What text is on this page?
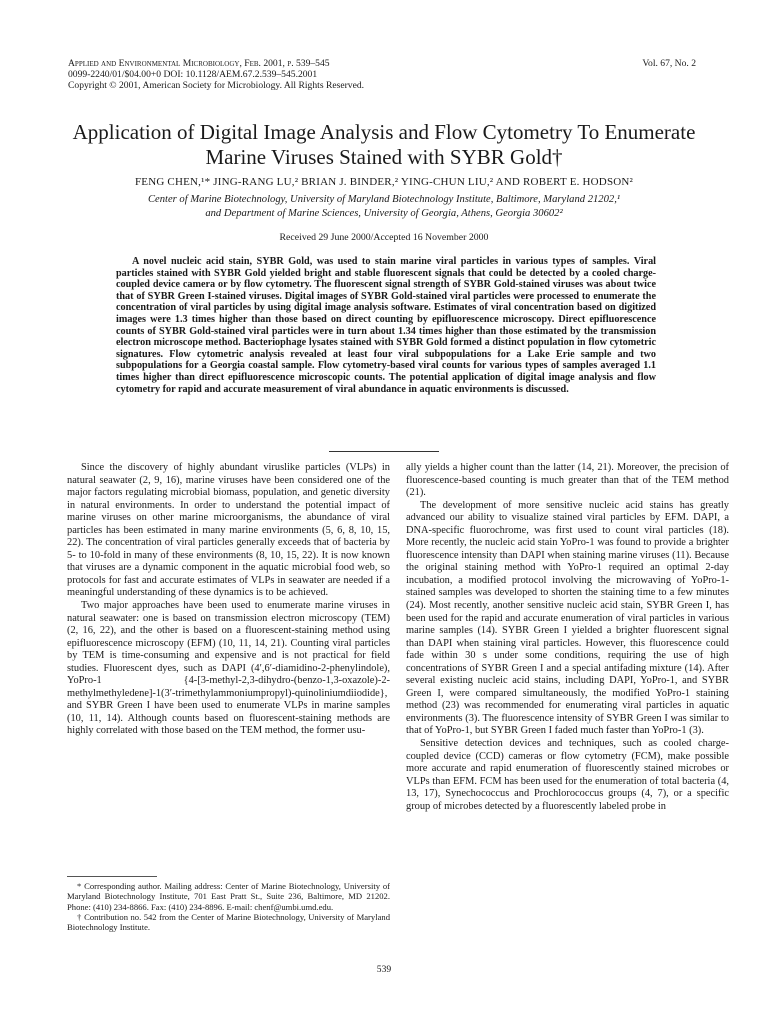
Applied and Environmental Microbiology, Feb. 2001, p. 539–545
0099-2240/01/$04.00+0 DOI: 10.1128/AEM.67.2.539–545.2001
Copyright © 2001, American Society for Microbiology. All Rights Reserved.
Vol. 67, No. 2
Application of Digital Image Analysis and Flow Cytometry To Enumerate Marine Viruses Stained with SYBR Gold†
FENG CHEN,¹* JING-RANG LU,² BRIAN J. BINDER,² YING-CHUN LIU,² AND ROBERT E. HODSON²
Center of Marine Biotechnology, University of Maryland Biotechnology Institute, Baltimore, Maryland 21202,¹
and Department of Marine Sciences, University of Georgia, Athens, Georgia 30602²
Received 29 June 2000/Accepted 16 November 2000

A novel nucleic acid stain, SYBR Gold, was used to stain marine viral particles in various types of samples. Viral particles stained with SYBR Gold yielded bright and stable fluorescent signals that could be detected by a cooled charge-coupled device camera or by flow cytometry. The fluorescent signal strength of SYBR Gold-stained viruses was about twice that of SYBR Green I-stained viruses. Digital images of SYBR Gold-stained viral particles were processed to enumerate the concentration of viral particles by using digital image analysis software. Estimates of viral concentration based on digitized images were 1.3 times higher than those based on direct counting by epifluorescence microscopy. Direct epifluorescence counts of SYBR Gold-stained viral particles were in turn about 1.34 times higher than those estimated by the transmission electron microscope method. Bacteriophage lysates stained with SYBR Gold formed a distinct population in flow cytometric signatures. Flow cytometric analysis revealed at least four viral subpopulations for a Lake Erie sample and two subpopulations for a Georgia coastal sample. Flow cytometry-based viral counts for various types of samples averaged 1.1 times higher than direct epifluorescence microscopic counts. The potential application of digital image analysis and flow cytometry for rapid and accurate measurement of viral abundance in aquatic environments is discussed.

Since the discovery of highly abundant viruslike particles (VLPs) in natural seawater (2, 9, 16), marine viruses have been considered one of the major factors regulating microbial biomass, population, and genetic diversity in natural environments. In order to understand the potential impact of marine viruses on other marine microorganisms, the abundance of viral particles has been estimated in many marine environments (5, 6, 8, 10, 15, 22). The concentration of viral particles generally exceeds that of bacteria by 5- to 10-fold in many of these environments (8, 10, 15, 22). It is now known that viruses are a dynamic component in the aquatic microbial food web, so protocols for fast and accurate estimates of VLPs in seawater are needed if a meaningful understanding of these dynamics is to be achieved.

Two major approaches have been used to enumerate marine viruses in natural seawater: one is based on transmission electron microscopy (TEM) (2, 16, 22), and the other is based on a fluorescent-staining method using epifluorescence microscopy (EFM) (10, 11, 14, 21). Counting viral particles by TEM is time-consuming and expensive and is not practical for field studies. Fluorescent dyes, such as DAPI (4′,6′-diamidino-2-phenylindole), YoPro-1 {4-[3-methyl-2,3-dihydro-(benzo-1,3-oxazole)-2-methylmethyledene]-1(3′-trimethylammoniumpropyl)-quinoliniumdiiodide}, and SYBR Green I have been used to enumerate VLPs in marine samples (10, 11, 14). Although counts based on fluorescent-staining methods are highly correlated with those based on the TEM method, the former usu-

* Corresponding author. Mailing address: Center of Marine Biotechnology, University of Maryland Biotechnology Institute, 701 East Pratt St., Suite 236, Baltimore, MD 21202. Phone: (410) 234-8866. Fax: (410) 234-8896. E-mail: chenf@umbi.umd.edu.

† Contribution no. 542 from the Center of Marine Biotechnology, University of Maryland Biotechnology Institute.

ally yields a higher count than the latter (14, 21). Moreover, the precision of fluorescence-based counting is much greater than that of the TEM method (21).

The development of more sensitive nucleic acid stains has greatly advanced our ability to visualize stained viral particles by EFM. DAPI, a DNA-specific fluorochrome, was first used to count viral particles (18). More recently, the nucleic acid stain YoPro-1 was found to provide a brighter fluorescence intensity than DAPI when staining marine viruses (11). Because the original staining method with YoPro-1 required an optimal 2-day incubation, a modified protocol involving the microwaving of YoPro-1-stained samples was developed to shorten the staining time to a few minutes (24). Most recently, another sensitive nucleic acid stain, SYBR Green I, has been used for the rapid and accurate enumeration of viral particles in various marine samples (14). SYBR Green I yielded a brighter fluorescent signal than DAPI when staining viral particles. However, this fluorescence could fade within 30 s under some conditions, requiring the use of high concentrations of SYBR Green I and a special antifading mixture (14). After several existing nucleic acid stains, including DAPI, YoPro-1, and SYBR Green I, were compared simultaneously, the modified YoPro-1 staining method (23) was recommended for enumerating viral particles in aquatic environments (3). The fluorescence intensity of SYBR Green I was similar to that of YoPro-1, but SYBR Green I faded much faster than YoPro-1 (3).

Sensitive detection devices and techniques, such as cooled charge-coupled device (CCD) cameras or flow cytometry (FCM), make possible more accurate and rapid enumeration of fluorescently stained microbes or VLPs than EFM. FCM has been used for the enumeration of total bacteria (4, 13, 17), Synechococcus and Prochlorococcus groups (4, 7), or a specific group of microbes detected by a fluorescently labeled probe in

539
